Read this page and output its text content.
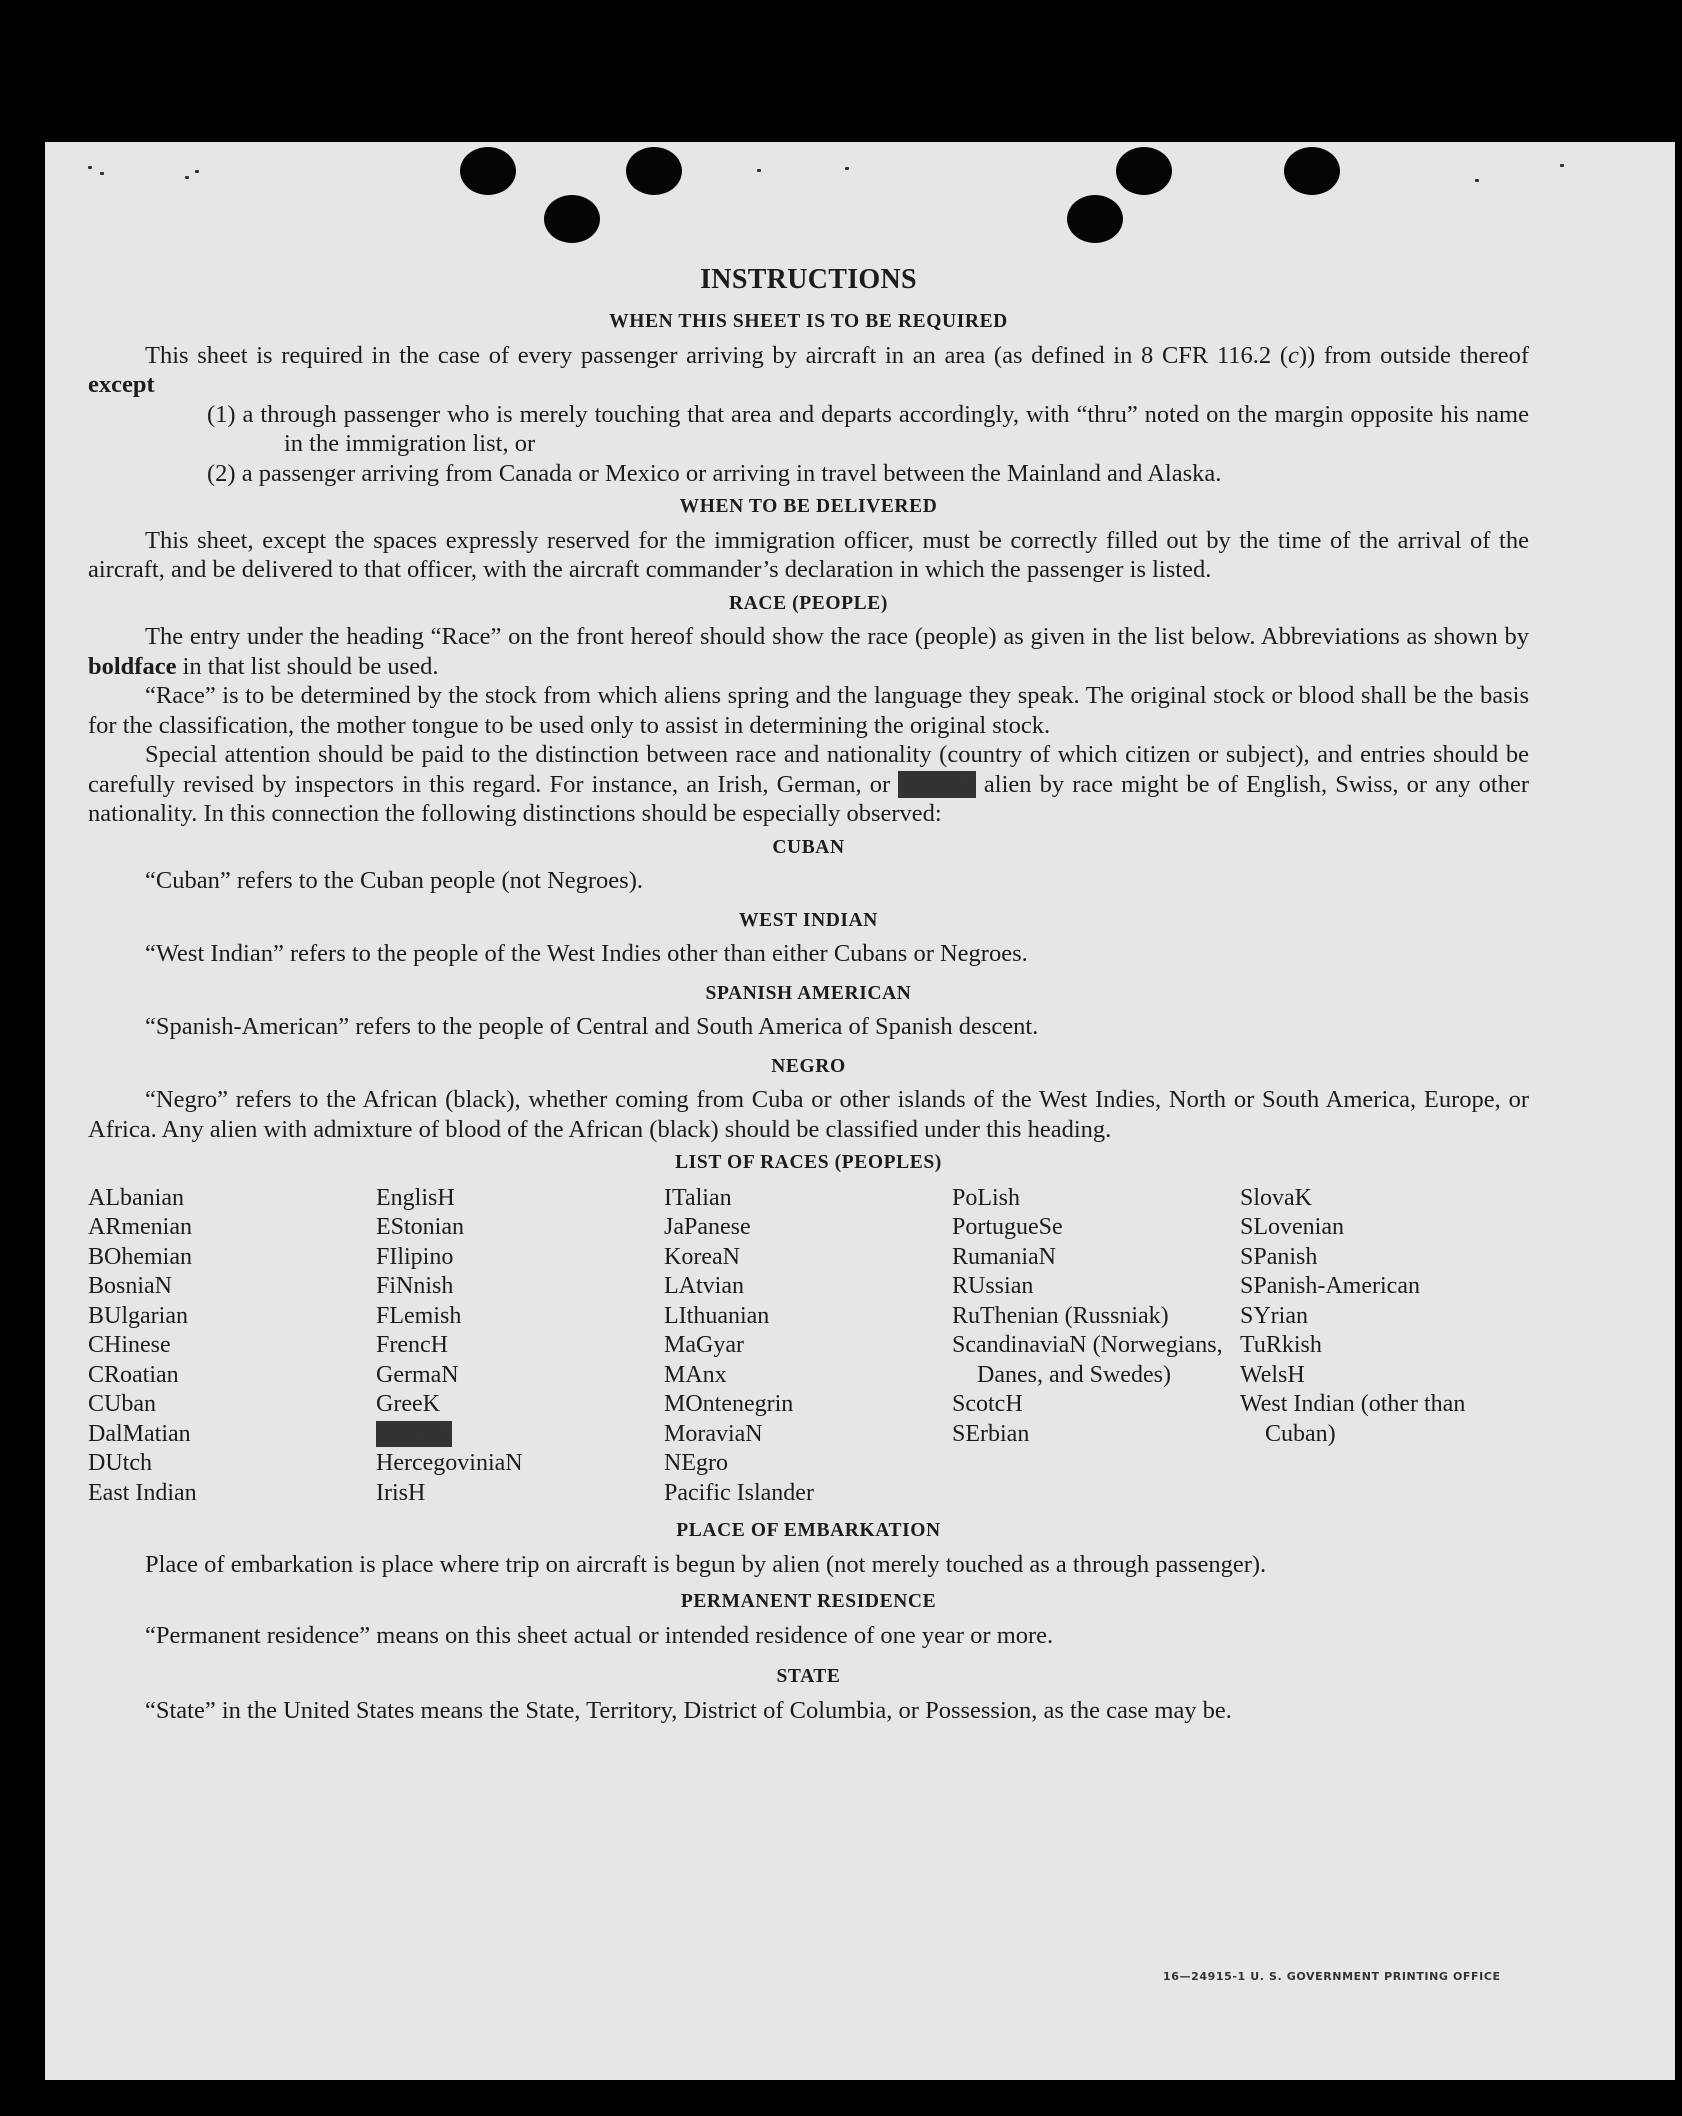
INSTRUCTIONS
WHEN THIS SHEET IS TO BE REQUIRED

This sheet is required in the case of every passenger arriving by aircraft in an area (as defined in 8 CFR 116.2 (c)) from outside thereof except

(1) a through passenger who is merely touching that area and departs accordingly, with “thru” noted on the margin opposite his name in the immigration list, or

(2) a passenger arriving from Canada or Mexico or arriving in travel between the Mainland and Alaska.

WHEN TO BE DELIVERED

This sheet, except the spaces expressly reserved for the immigration officer, must be correctly filled out by the time of the arrival of the aircraft, and be delivered to that officer, with the aircraft commander’s declaration in which the passenger is listed.

RACE (PEOPLE)

The entry under the heading “Race” on the front hereof should show the race (people) as given in the list below. Abbreviations as shown by boldface in that list should be used.

“Race” is to be determined by the stock from which aliens spring and the language they speak. The original stock or blood shall be the basis for the classification, the mother tongue to be used only to assist in determining the original stock.

Special attention should be paid to the distinction between race and nationality (country of which citizen or subject), and entries should be carefully revised by inspectors in this regard. For instance, an Irish, German, or Hebrew alien by race might be of English, Swiss, or any other nationality. In this connection the following distinctions should be especially observed:

CUBAN

“Cuban” refers to the Cuban people (not Negroes).

WEST INDIAN

“West Indian” refers to the people of the West Indies other than either Cubans or Negroes.

SPANISH AMERICAN

“Spanish-American” refers to the people of Central and South America of Spanish descent.

NEGRO

“Negro” refers to the African (black), whether coming from Cuba or other islands of the West Indies, North or South America, Europe, or Africa. Any alien with admixture of blood of the African (black) should be classified under this heading.

LIST OF RACES (PEOPLES)
ALbanian
ARmenian
BOhemian
BosniaN
BUlgarian
CHinese
CRoatian
CUban
DalMatian
DUtch
East Indian
EnglisH
EStonian
FIlipino
FiNnish
FLemish
FrencH
GermaN
GreeK
Hebrew
HercegoviniaN
IrisH
ITalian
JaPanese
KoreaN
LAtvian
LIthuanian
MaGyar
MAnx
MOntenegrin
MoraviaN
NEgro
Pacific Islander
PoLish
PortugueSe
RumaniaN
RUssian
RuThenian (Russniak)
ScandinaviaN (Norwegians, Danes, and Swedes)
ScotcH
SErbian
SlovaK
SLovenian
SPanish
SPanish-American
SYrian
TuRkish
WelsH
West Indian (other than Cuban)
PLACE OF EMBARKATION

Place of embarkation is place where trip on aircraft is begun by alien (not merely touched as a through passenger).

PERMANENT RESIDENCE

“Permanent residence” means on this sheet actual or intended residence of one year or more.

STATE

“State” in the United States means the State, Territory, District of Columbia, or Possession, as the case may be.

16—24915-1 U. S. GOVERNMENT PRINTING OFFICE
